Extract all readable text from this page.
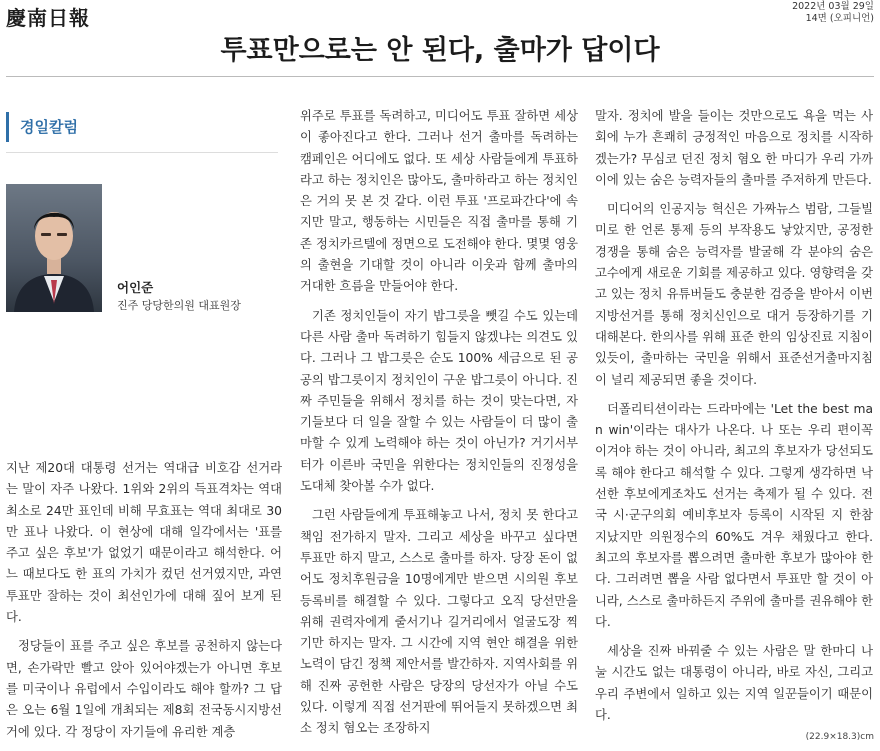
慶南日報	2022년 03월 29일
14면 (오피니언)
투표만으로는 안 된다, 출마가 답이다
경일칼럼
어인준
진주 당당한의원 대표원장

지난 제20대 대통령 선거는 역대급 비호감 선거라는 말이 자주 나왔다. 1위와 2위의 득표격차는 역대 최소로 24만 표인데 비해 무효표는 역대 최대로 30만 표나 나왔다. 이 현상에 대해 일각에서는 '표를 주고 싶은 후보'가 없었기 때문이라고 해석한다. 어느 때보다도 한 표의 가치가 컸던 선거였지만, 과연 투표만 잘하는 것이 최선인가에 대해 짚어 보게 된다.

정당들이 표를 주고 싶은 후보를 공천하지 않는다면, 손가락만 빨고 앉아 있어야겠는가 아니면 후보를 미국이나 유럽에서 수입이라도 해야 할까? 그 답은 오는 6월 1일에 개최되는 제8회 전국동시지방선거에 있다. 각 정당이 자기들에 유리한 계층

위주로 투표를 독려하고, 미디어도 투표 잘하면 세상이 좋아진다고 한다. 그러나 선거 출마를 독려하는 캠페인은 어디에도 없다. 또 세상 사람들에게 투표하라고 하는 정치인은 많아도, 출마하라고 하는 정치인은 거의 못 본 것 같다. 이런 투표 '프로파간다'에 속지만 말고, 행동하는 시민들은 직접 출마를 통해 기존 정치카르텔에 정면으로 도전해야 한다. 몇몇 영웅의 출현을 기대할 것이 아니라 이웃과 함께 출마의 거대한 흐름을 만들어야 한다.

기존 정치인들이 자기 밥그릇을 뺏길 수도 있는데 다른 사람 출마 독려하기 힘들지 않겠냐는 의견도 있다. 그러나 그 밥그릇은 순도 100% 세금으로 된 공공의 밥그릇이지 정치인이 구운 밥그릇이 아니다. 진짜 주민들을 위해서 정치를 하는 것이 맞는다면, 자기들보다 더 일을 잘할 수 있는 사람들이 더 많이 출마할 수 있게 노력해야 하는 것이 아닌가? 거기서부터가 이른바 국민을 위한다는 정치인들의 진정성을 도대체 찾아볼 수가 없다.

그런 사람들에게 투표해놓고 나서, 정치 못 한다고 책임 전가하지 말자. 그리고 세상을 바꾸고 싶다면 투표만 하지 말고, 스스로 출마를 하자. 당장 돈이 없어도 정치후원금을 10명에게만 받으면 시의원 후보등록비를 해결할 수 있다. 그렇다고 오직 당선만을 위해 권력자에게 줄서기나 길거리에서 얼굴도장 찍기만 하지는 말자. 그 시간에 지역 현안 해결을 위한 노력이 담긴 정책 제안서를 발간하자. 지역사회를 위해 진짜 공헌한 사람은 당장의 당선자가 아닐 수도 있다. 이렇게 직접 선거판에 뛰어들지 못하겠으면 최소 정치 혐오는 조장하지

말자. 정치에 발을 들이는 것만으로도 욕을 먹는 사회에 누가 흔쾌히 긍정적인 마음으로 정치를 시작하겠는가? 무심코 던진 정치 혐오 한 마디가 우리 가까이에 있는 숨은 능력자들의 출마를 주저하게 만든다.

미디어의 인공지능 혁신은 가짜뉴스 범람, 그들빌미로 한 언론 통제 등의 부작용도 낳았지만, 공정한 경쟁을 통해 숨은 능력자를 발굴해 각 분야의 숨은 고수에게 새로운 기회를 제공하고 있다. 영향력을 갖고 있는 정치 유튜버들도 충분한 검증을 받아서 이번 지방선거를 통해 정치신인으로 대거 등장하기를 기대해본다. 한의사를 위해 표준 한의 임상진료 지침이 있듯이, 출마하는 국민을 위해서 표준선거출마지침이 널리 제공되면 좋을 것이다.

더폴리티션이라는 드라마에는 'Let the best man win'이라는 대사가 나온다. 나 또는 우리 편이꼭 이겨야 하는 것이 아니라, 최고의 후보자가 당선되도록 해야 한다고 해석할 수 있다. 그렇게 생각하면 낙선한 후보에게조차도 선거는 축제가 될 수 있다. 전국 시·군구의회 예비후보자 등록이 시작된 지 한참 지났지만 의원정수의 60%도 겨우 채웠다고 한다. 최고의 후보자를 뽑으려면 출마한 후보가 많아야 한다. 그러려면 뽑을 사람 없다면서 투표만 할 것이 아니라, 스스로 출마하든지 주위에 출마를 권유해야 한다.

세상을 진짜 바꿔줄 수 있는 사람은 말 한마디 나눌 시간도 없는 대통령이 아니라, 바로 자신, 그리고 우리 주변에서 일하고 있는 지역 일꾼들이기 때문이다.

(22.9×18.3)cm
